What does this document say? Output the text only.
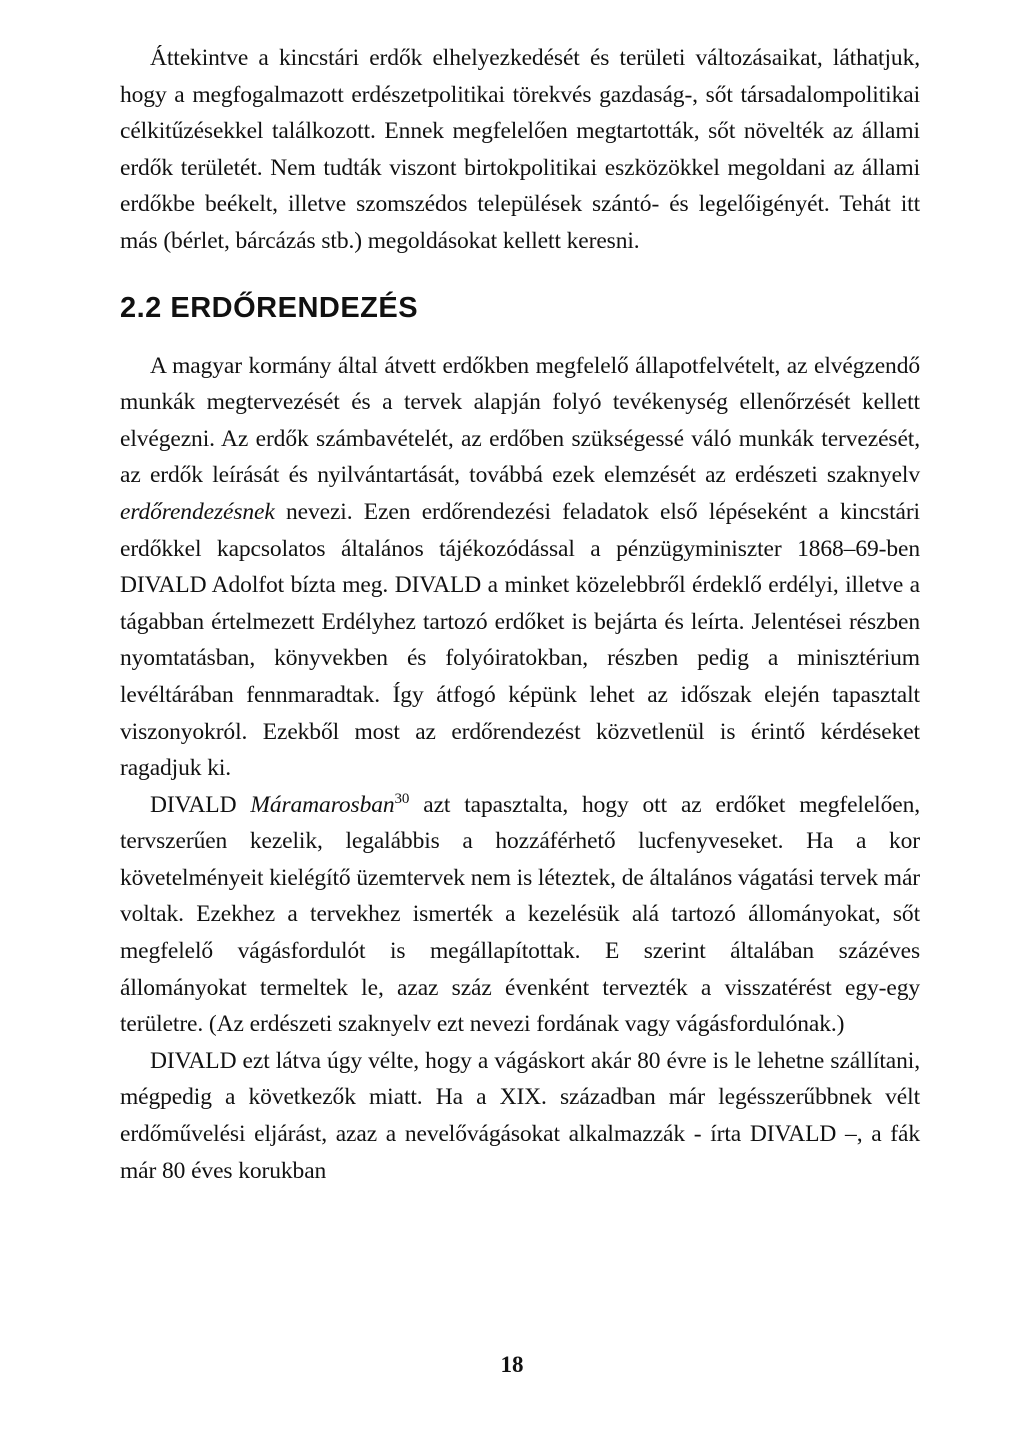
Áttekintve a kincstári erdők elhelyezkedését és területi változásaikat, láthatjuk, hogy a megfogalmazott erdészetpolitikai törekvés gazdaság-, sőt társadalompolitikai célkitűzésekkel találkozott. Ennek megfelelően megtartották, sőt növelték az állami erdők területét. Nem tudták viszont birtokpolitikai eszközökkel megoldani az állami erdőkbe beékelt, illetve szomszédos települések szántó- és legelőigényét. Tehát itt más (bérlet, bárcázás stb.) megoldásokat kellett keresni.

2.2 ERDŐRENDEZÉS

A magyar kormány által átvett erdőkben megfelelő állapotfelvételt, az elvégzendő munkák megtervezését és a tervek alapján folyó tevékenység ellenőrzését kellett elvégezni. Az erdők számbavételét, az erdőben szükségessé váló munkák tervezését, az erdők leírását és nyilvántartását, továbbá ezek elemzését az erdészeti szaknyelv erdőrendezésnek nevezi. Ezen erdőrendezési feladatok első lépéseként a kincstári erdőkkel kapcsolatos általános tájékozódással a pénzügyminiszter 1868–69-ben DIVALD Adolfot bízta meg. DIVALD a minket közelebbről érdeklő erdélyi, illetve a tágabban értelmezett Erdélyhez tartozó erdőket is bejárta és leírta. Jelentései részben nyomtatásban, könyvekben és folyóiratokban, részben pedig a minisztérium levéltárában fennmaradtak. Így átfogó képünk lehet az időszak elején tapasztalt viszonyokról. Ezekből most az erdőrendezést közvetlenül is érintő kérdéseket ragadjuk ki.

DIVALD Máramarosban$^{30}$ azt tapasztalta, hogy ott az erdőket megfelelően, tervszerűen kezelik, legalábbis a hozzáférhető lucfenyveseket. Ha a kor követelményeit kielégítő üzemtervek nem is léteztek, de általános vágatási tervek már voltak. Ezekhez a tervekhez ismerték a kezelésük alá tartozó állományokat, sőt megfelelő vágásfordulót is megállapítottak. E szerint általában százéves állományokat termeltek le, azaz száz évenként tervezték a visszatérést egy-egy területre. (Az erdészeti szaknyelv ezt nevezi fordának vagy vágásfordulónak.)

DIVALD ezt látva úgy vélte, hogy a vágáskort akár 80 évre is le lehetne szállítani, mégpedig a következők miatt. Ha a XIX. században már legésszerűbbnek vélt erdőművelési eljárást, azaz a nevelővágásokat alkalmazzák - írta DIVALD –, a fák már 80 éves korukban

18
